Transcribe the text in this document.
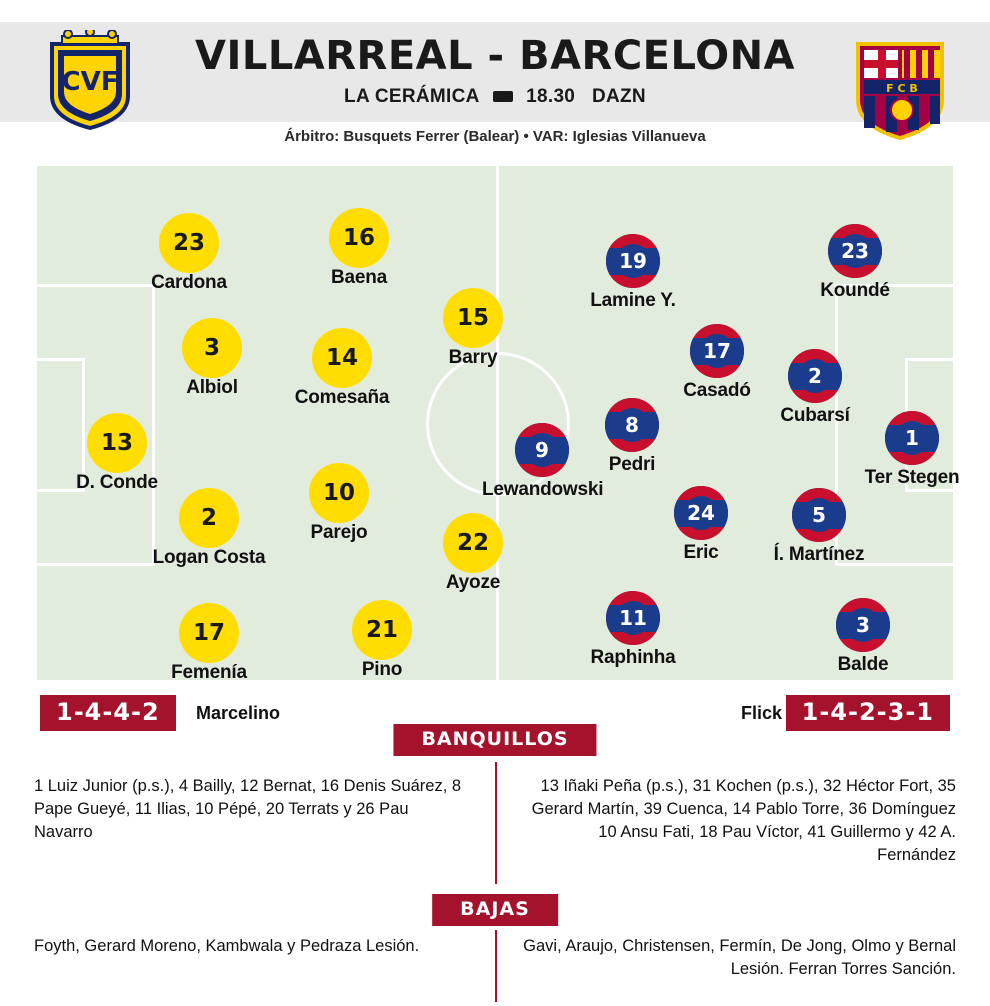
CVF	F C B
VILLARREAL - BARCELONA
LA CERÁMICA 18.30 DAZN
Árbitro: Busquets Ferrer (Balear) • VAR: Iglesias Villanueva
13
D. Conde
3
Albiol
2
Logan Costa
23
Cardona
17
Femenía
14
Comesaña
10
Parejo
16
Baena
21
Pino
15
Barry
22
Ayoze
1
Ter Stegen
23
Koundé
2
Cubarsí
5
Í. Martínez
3
Balde
17
Casadó
24
Eric
19
Lamine Y.
8
Pedri
11
Raphinha
9
Lewandowski
1-4-4-2	Marcelino	Flick 1-4-2-3-1
BANQUILLOS
1 Luiz Junior (p.s.), 4 Bailly, 12 Bernat, 16 Denis Suárez, 8 Pape Gueyé, 11 Ilias, 10 Pépé, 20 Terrats y 26 Pau Navarro
13 Iñaki Peña (p.s.), 31 Kochen (p.s.), 32 Héctor Fort, 35 Gerard Martín, 39 Cuenca, 14 Pablo Torre, 36 Domínguez 10 Ansu Fati, 18 Pau Víctor, 41 Guillermo y 42 A. Fernández
BAJAS
Foyth, Gerard Moreno, Kambwala y Pedraza Lesión.	Gavi, Araujo, Christensen, Fermín, De Jong, Olmo y Bernal Lesión. Ferran Torres Sanción.
